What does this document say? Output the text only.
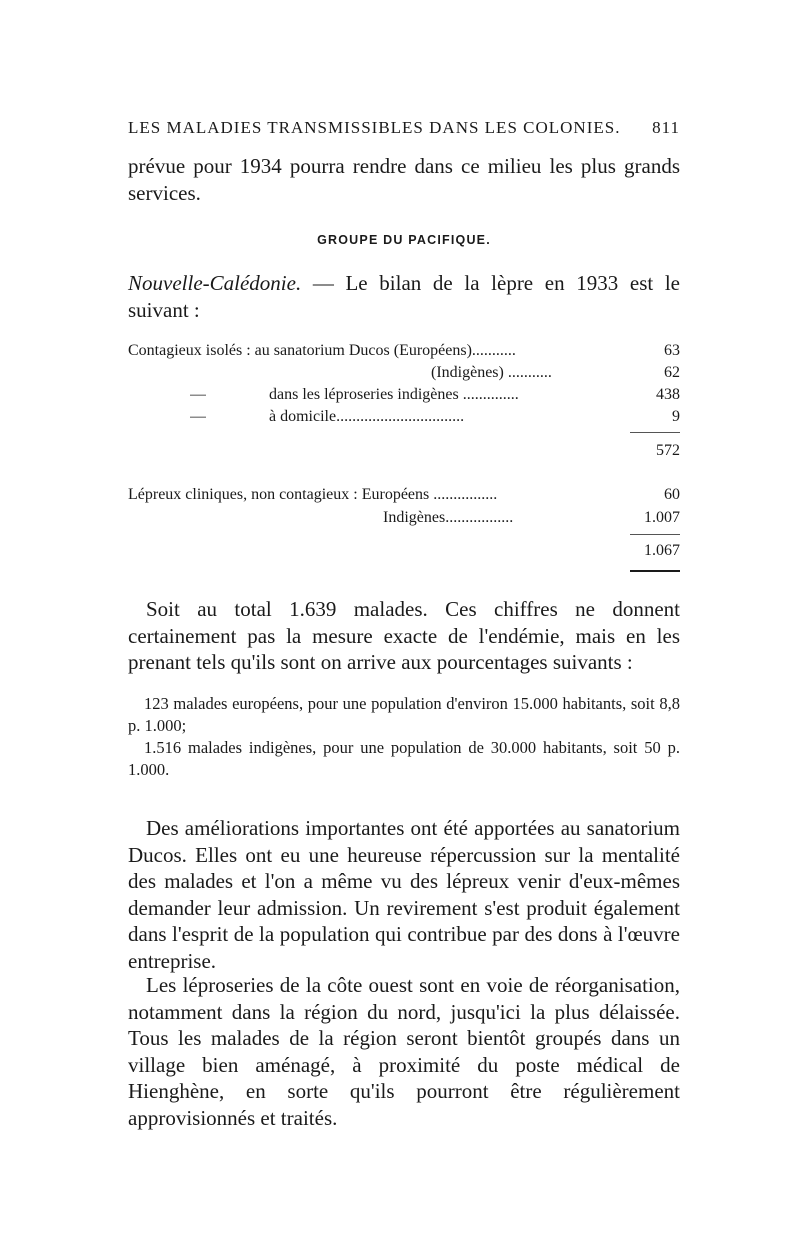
LES MALADIES TRANSMISSIBLES DANS LES COLONIES. 811

prévue pour 1934 pourra rendre dans ce milieu les plus grands services.

GROUPE DU PACIFIQUE.

Nouvelle-Calédonie. — Le bilan de la lèpre en 1933 est le suivant :

Contagieux isolés : au sanatorium Ducos (Européens)...........	63
(Indigènes) ...........	62
—	dans les léproseries indigènes ..............	438
—	à domicile................................	9
572
Lépreux cliniques, non contagieux : Européens ................	60
Indigènes.................	1.007
1.067

Soit au total 1.639 malades. Ces chiffres ne donnent certainement pas la mesure exacte de l'endémie, mais en les prenant tels qu'ils sont on arrive aux pourcentages suivants :

123 malades européens, pour une population d'environ 15.000 habitants, soit 8,8 p. 1.000;

1.516 malades indigènes, pour une population de 30.000 habitants, soit 50 p. 1.000.

Des améliorations importantes ont été apportées au sanatorium Ducos. Elles ont eu une heureuse répercussion sur la mentalité des malades et l'on a même vu des lépreux venir d'eux-mêmes demander leur admission. Un revirement s'est produit également dans l'esprit de la population qui contribue par des dons à l'œuvre entreprise.

Les léproseries de la côte ouest sont en voie de réorganisation, notamment dans la région du nord, jusqu'ici la plus délaissée. Tous les malades de la région seront bientôt groupés dans un village bien aménagé, à proximité du poste médical de Hienghène, en sorte qu'ils pourront être régulièrement approvisionnés et traités.
